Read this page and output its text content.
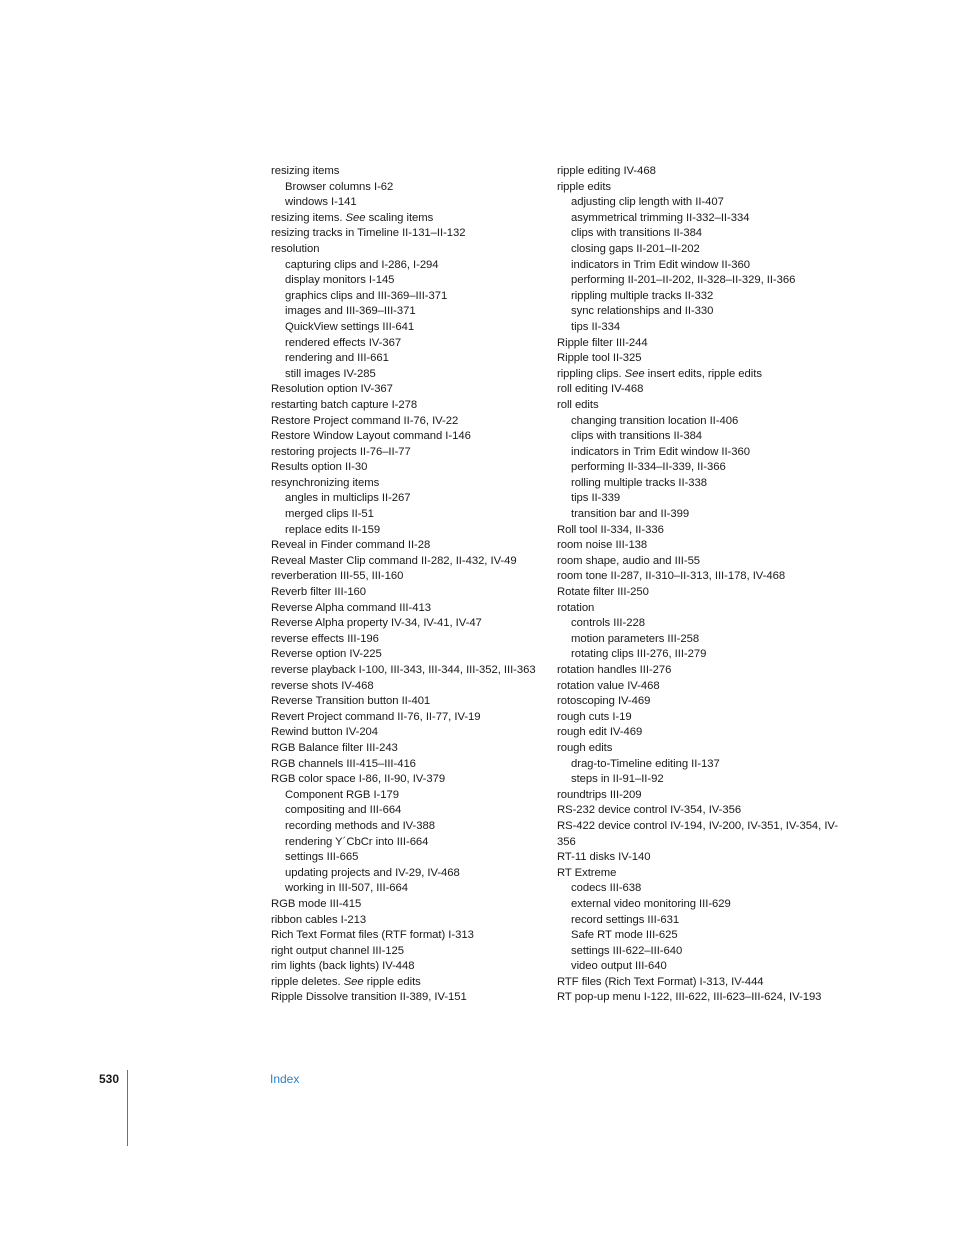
resizing items
Browser columns I-62
windows I-141
resizing items. See scaling items
resizing tracks in Timeline II-131–II-132
resolution
capturing clips and I-286, I-294
display monitors I-145
graphics clips and III-369–III-371
images and III-369–III-371
QuickView settings III-641
rendered effects IV-367
rendering and III-661
still images IV-285
Resolution option IV-367
restarting batch capture I-278
Restore Project command II-76, IV-22
Restore Window Layout command I-146
restoring projects II-76–II-77
Results option II-30
resynchronizing items
angles in multiclips II-267
merged clips II-51
replace edits II-159
Reveal in Finder command II-28
Reveal Master Clip command II-282, II-432, IV-49
reverberation III-55, III-160
Reverb filter III-160
Reverse Alpha command III-413
Reverse Alpha property IV-34, IV-41, IV-47
reverse effects III-196
Reverse option IV-225
reverse playback I-100, III-343, III-344, III-352, III-363
reverse shots IV-468
Reverse Transition button II-401
Revert Project command II-76, II-77, IV-19
Rewind button IV-204
RGB Balance filter III-243
RGB channels III-415–III-416
RGB color space I-86, II-90, IV-379
Component RGB I-179
compositing and III-664
recording methods and IV-388
rendering Y´CbCr into III-664
settings III-665
updating projects and IV-29, IV-468
working in III-507, III-664
RGB mode III-415
ribbon cables I-213
Rich Text Format files (RTF format) I-313
right output channel III-125
rim lights (back lights) IV-448
ripple deletes. See ripple edits
Ripple Dissolve transition II-389, IV-151
ripple editing IV-468
ripple edits
adjusting clip length with II-407
asymmetrical trimming II-332–II-334
clips with transitions II-384
closing gaps II-201–II-202
indicators in Trim Edit window II-360
performing II-201–II-202, II-328–II-329, II-366
rippling multiple tracks II-332
sync relationships and II-330
tips II-334
Ripple filter III-244
Ripple tool II-325
rippling clips. See insert edits, ripple edits
roll editing IV-468
roll edits
changing transition location II-406
clips with transitions II-384
indicators in Trim Edit window II-360
performing II-334–II-339, II-366
rolling multiple tracks II-338
tips II-339
transition bar and II-399
Roll tool II-334, II-336
room noise III-138
room shape, audio and III-55
room tone II-287, II-310–II-313, III-178, IV-468
Rotate filter III-250
rotation
controls III-228
motion parameters III-258
rotating clips III-276, III-279
rotation handles III-276
rotation value IV-468
rotoscoping IV-469
rough cuts I-19
rough edit IV-469
rough edits
drag-to-Timeline editing II-137
steps in II-91–II-92
roundtrips III-209
RS-232 device control IV-354, IV-356
RS-422 device control IV-194, IV-200, IV-351, IV-354, IV-356
RT-11 disks IV-140
RT Extreme
codecs III-638
external video monitoring III-629
record settings III-631
Safe RT mode III-625
settings III-622–III-640
video output III-640
RTF files (Rich Text Format) I-313, IV-444
RT pop-up menu I-122, III-622, III-623–III-624, IV-193
530	Index
